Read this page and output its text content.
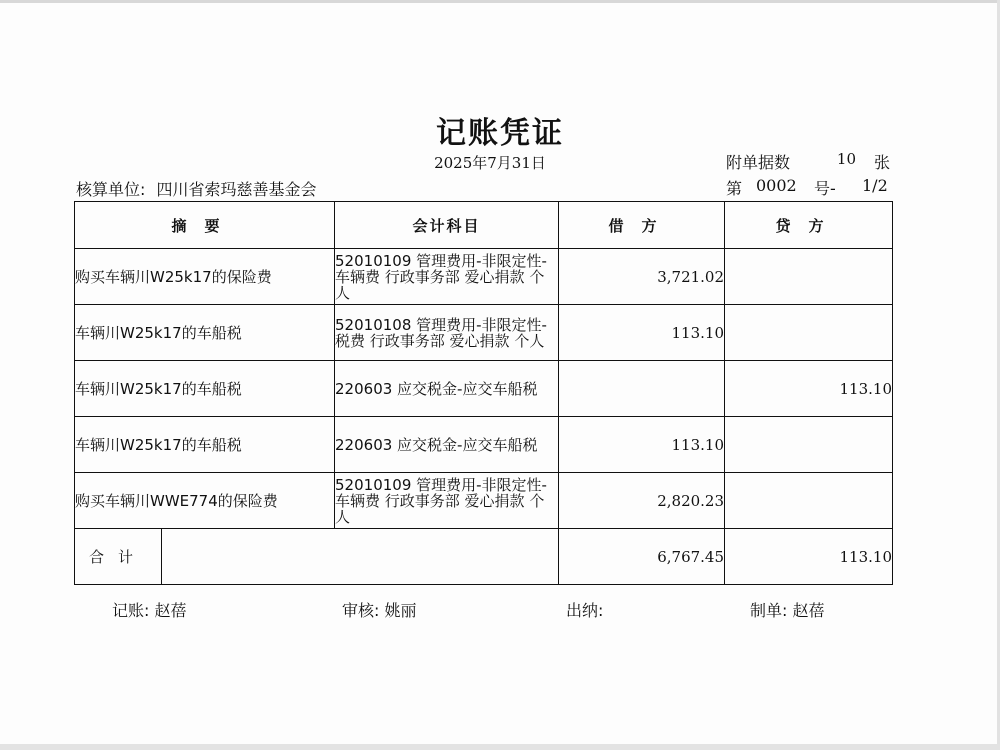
记账凭证
2025年7月31日	附单据数	10	张
核算单位: 四川省索玛慈善基金会	第 0002 号- 1/2
摘要		会计科目	借方	贷方
购买车辆川W25k17的保险费		52010109 管理费用-非限定性-车辆费 行政事务部 爱心捐款 个人	3,721.02	
车辆川W25k17的车船税		52010108 管理费用-非限定性-税费 行政事务部 爱心捐款 个人	113.10	
车辆川W25k17的车船税		220603 应交税金-应交车船税		113.10
车辆川W25k17的车船税		220603 应交税金-应交车船税	113.10	
购买车辆川WWE774的保险费		52010109 管理费用-非限定性-车辆费 行政事务部 爱心捐款 个人	2,820.23	
合计			6,767.45	113.10
记账: 赵蓓	审核: 姚丽	出纳:	制单: 赵蓓
